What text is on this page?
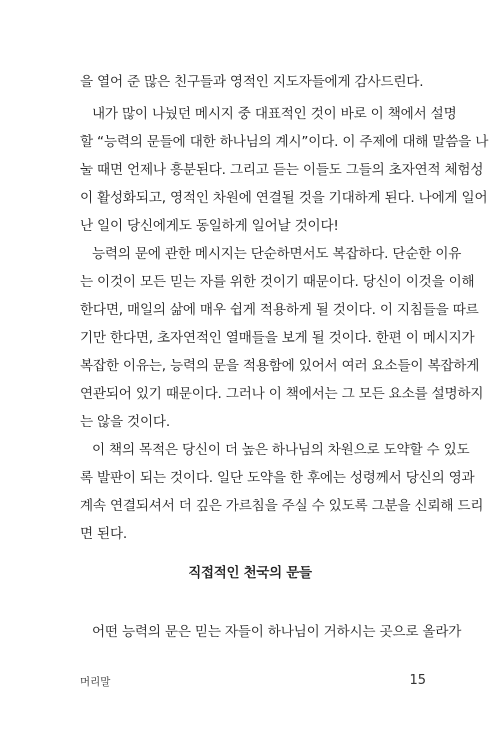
을 열어 준 많은 친구들과 영적인 지도자들에게 감사드린다.
내가 많이 나눴던 메시지 중 대표적인 것이 바로 이 책에서 설명
할 “능력의 문들에 대한 하나님의 계시”이다. 이 주제에 대해 말씀을 나
눌 때면 언제나 흥분된다. 그리고 듣는 이들도 그들의 초자연적 체험성
이 활성화되고, 영적인 차원에 연결될 것을 기대하게 된다. 나에게 일어
난 일이 당신에게도 동일하게 일어날 것이다!
능력의 문에 관한 메시지는 단순하면서도 복잡하다. 단순한 이유
는 이것이 모든 믿는 자를 위한 것이기 때문이다. 당신이 이것을 이해
한다면, 매일의 삶에 매우 쉽게 적용하게 될 것이다. 이 지침들을 따르
기만 한다면, 초자연적인 열매들을 보게 될 것이다. 한편 이 메시지가
복잡한 이유는, 능력의 문을 적용함에 있어서 여러 요소들이 복잡하게
연관되어 있기 때문이다. 그러나 이 책에서는 그 모든 요소를 설명하지
는 않을 것이다.
이 책의 목적은 당신이 더 높은 하나님의 차원으로 도약할 수 있도
록 발판이 되는 것이다. 일단 도약을 한 후에는 성령께서 당신의 영과
계속 연결되셔서 더 깊은 가르침을 주실 수 있도록 그분을 신뢰해 드리
면 된다.
직접적인 천국의 문들
어떤 능력의 문은 믿는 자들이 하나님이 거하시는 곳으로 올라가
머리말	15
